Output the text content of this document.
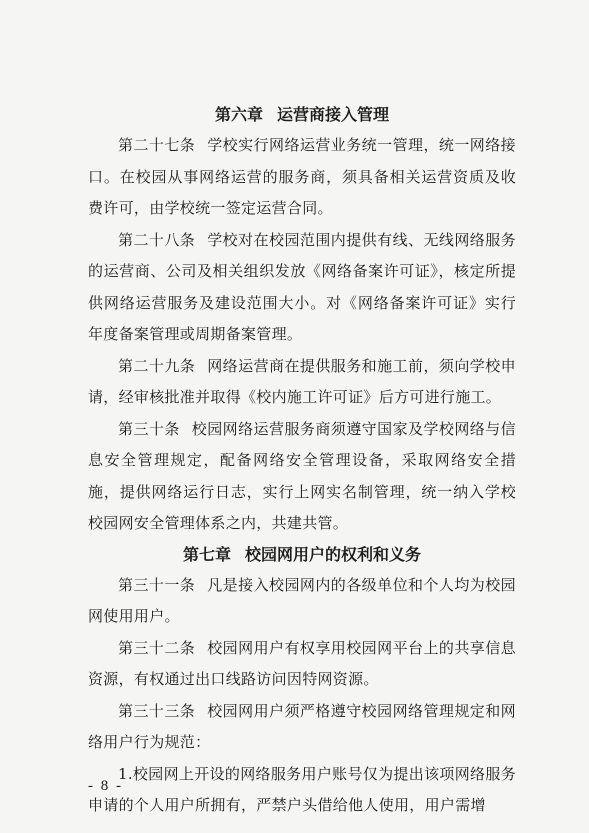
第六章 运营商接入管理

第二十七条 学校实行网络运营业务统一管理，统一网络接口。在校园从事网络运营的服务商，须具备相关运营资质及收费许可，由学校统一签定运营合同。

第二十八条 学校对在校园范围内提供有线、无线网络服务的运营商、公司及相关组织发放《网络备案许可证》，核定所提供网络运营服务及建设范围大小。对《网络备案许可证》实行年度备案管理或周期备案管理。

第二十九条 网络运营商在提供服务和施工前，须向学校申请，经审核批准并取得《校内施工许可证》后方可进行施工。

第三十条 校园网络运营服务商须遵守国家及学校网络与信息安全管理规定，配备网络安全管理设备，采取网络安全措施，提供网络运行日志，实行上网实名制管理，统一纳入学校校园网安全管理体系之内，共建共管。

第七章 校园网用户的权利和义务

第三十一条 凡是接入校园网内的各级单位和个人均为校园网使用用户。

第三十二条 校园网用户有权享用校园网平台上的共享信息资源，有权通过出口线路访问因特网资源。

第三十三条 校园网用户须严格遵守校园网络管理规定和网络用户行为规范：

1.校园网上开设的网络服务用户账号仅为提出该项网络服务申请的个人用户所拥有，严禁户头借给他人使用，用户需增

- 8 -
